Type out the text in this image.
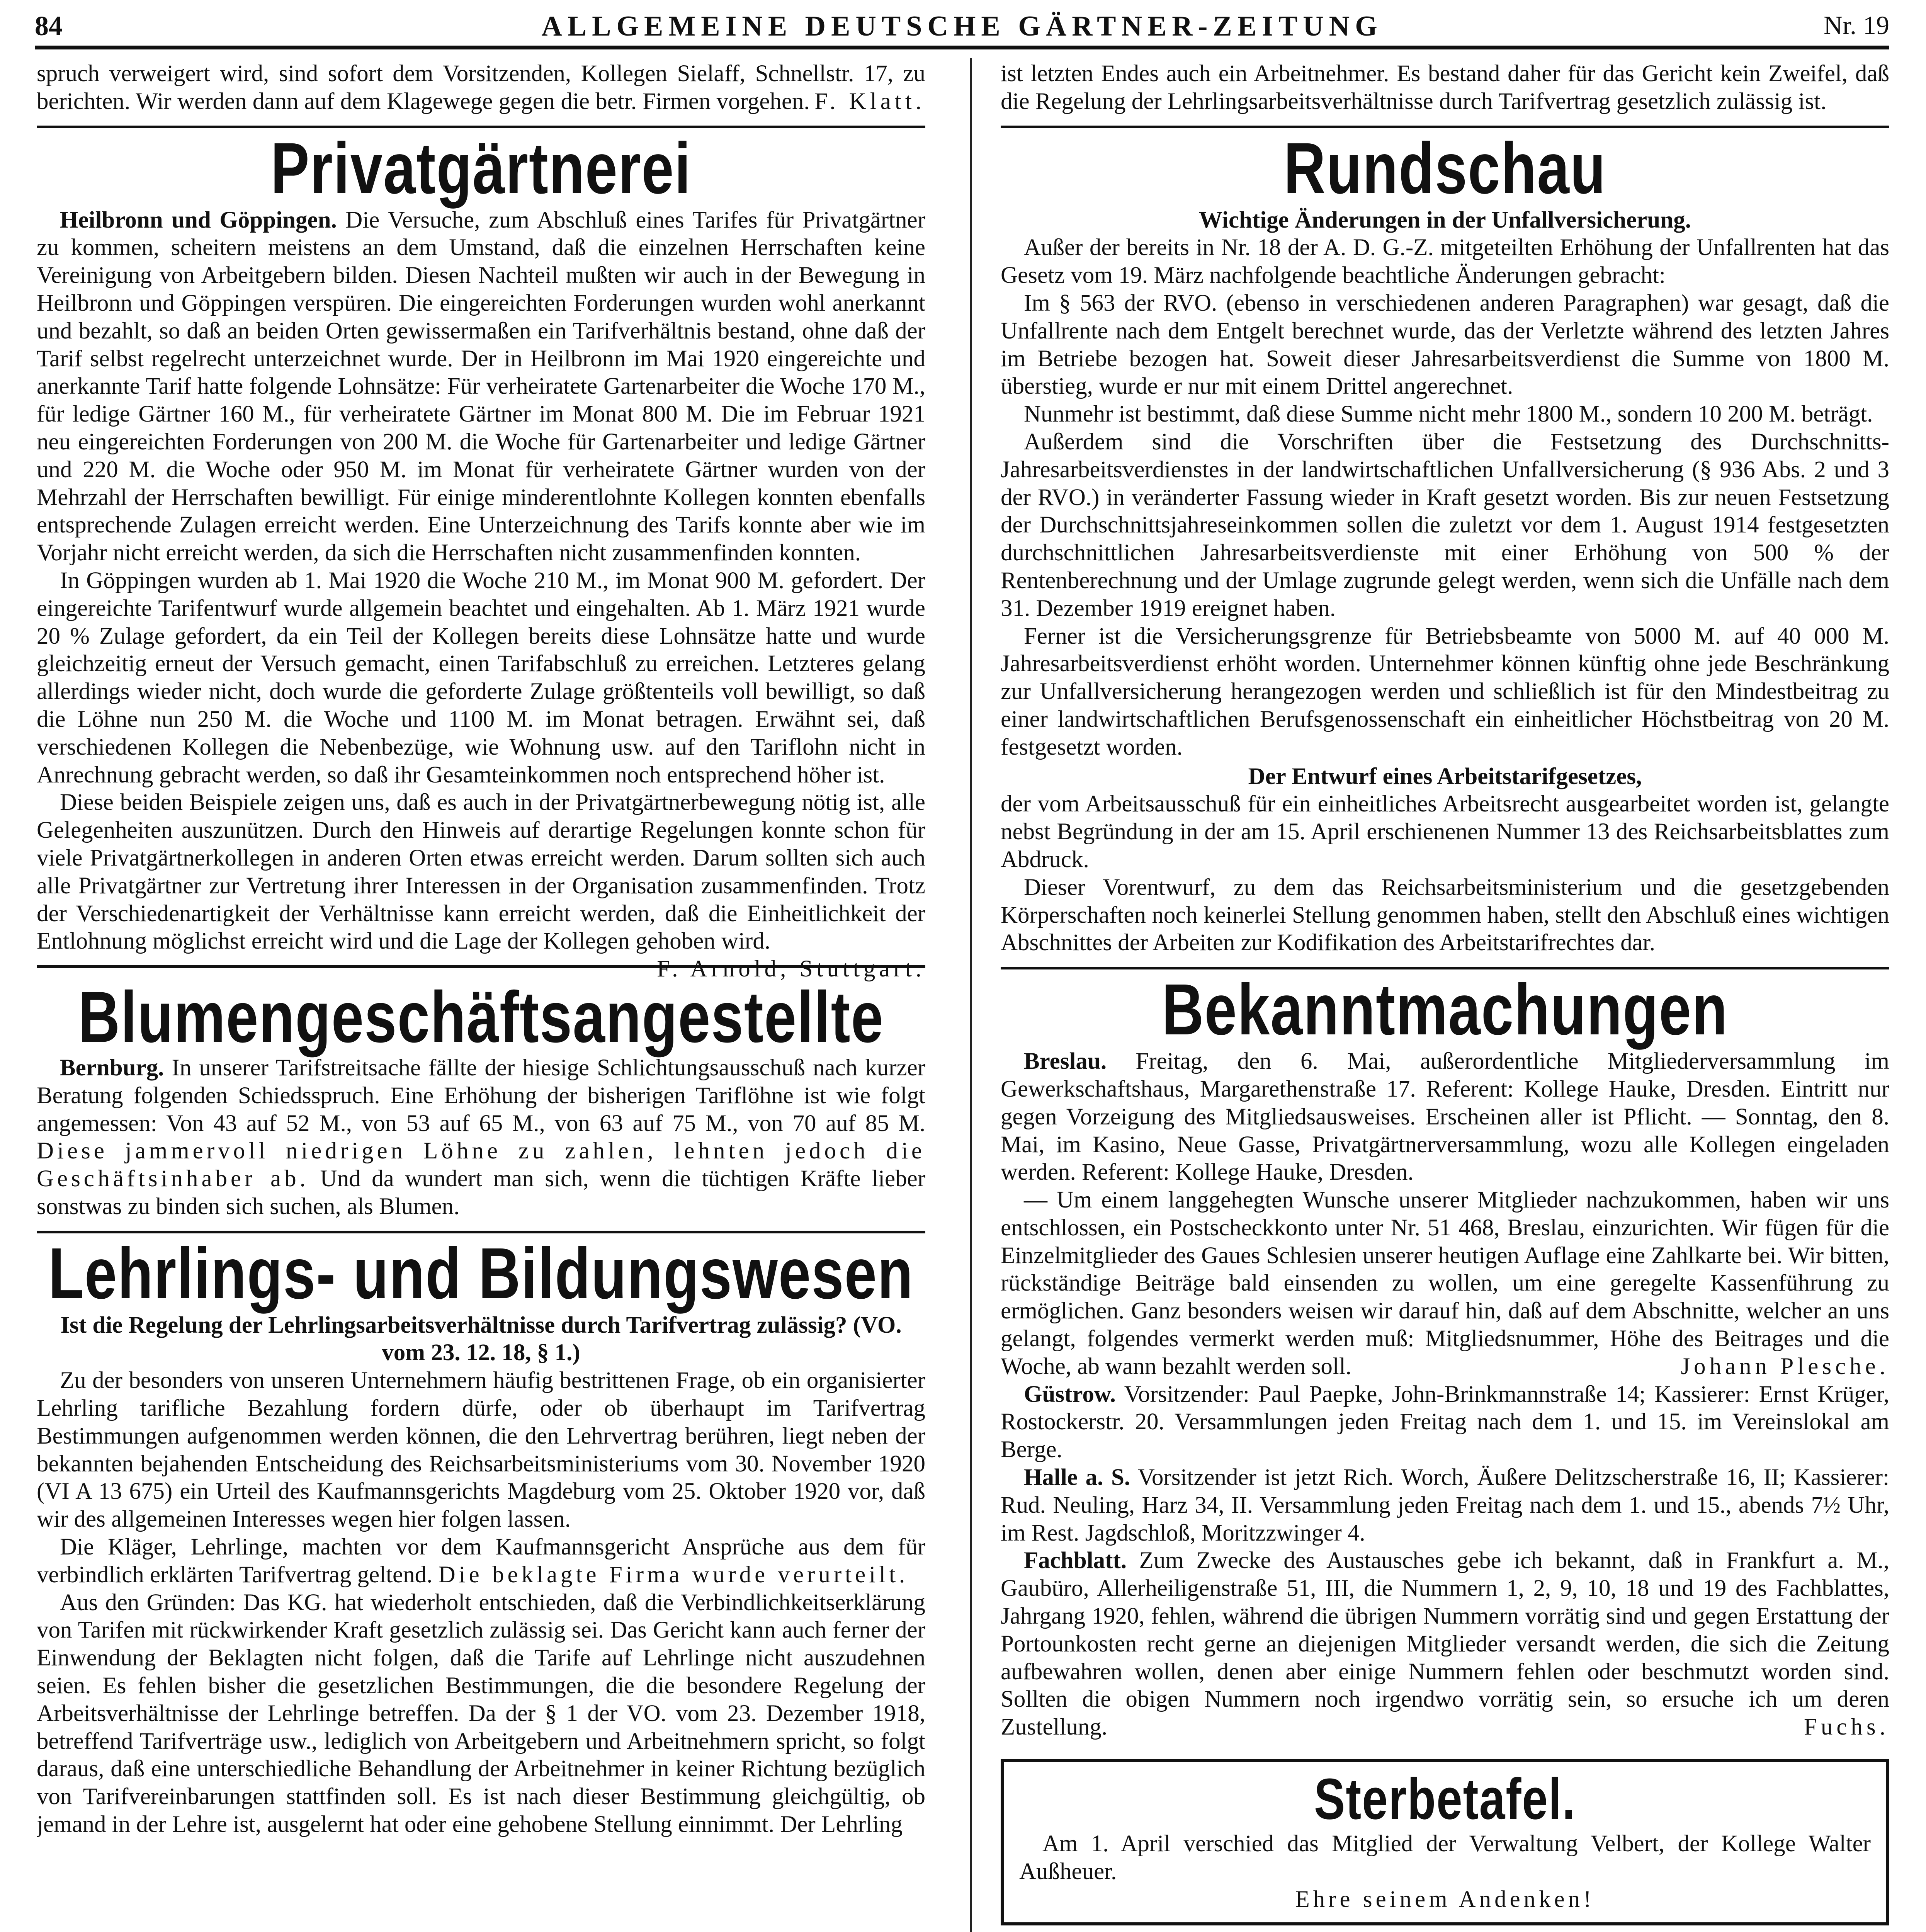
84	ALLGEMEINE DEUTSCHE GÄRTNER-ZEITUNG	Nr. 19

spruch verweigert wird, sind sofort dem Vorsitzenden, Kollegen Sielaff, Schnellstr. 17, zu berichten. Wir werden dann auf dem Klagewege gegen die betr. Firmen vorgehen. F. Klatt.

Privatgärtnerei

Heilbronn und Göppingen. Die Versuche, zum Abschluß eines Tarifes für Privatgärtner zu kommen, scheitern meistens an dem Umstand, daß die einzelnen Herrschaften keine Vereinigung von Arbeitgebern bilden. Diesen Nachteil mußten wir auch in der Bewegung in Heilbronn und Göppingen verspüren. Die eingereichten Forderungen wurden wohl anerkannt und bezahlt, so daß an beiden Orten gewissermaßen ein Tarifverhältnis bestand, ohne daß der Tarif selbst regelrecht unterzeichnet wurde. Der in Heilbronn im Mai 1920 eingereichte und anerkannte Tarif hatte folgende Lohnsätze: Für verheiratete Gartenarbeiter die Woche 170 M., für ledige Gärtner 160 M., für verheiratete Gärtner im Monat 800 M. Die im Februar 1921 neu eingereichten Forderungen von 200 M. die Woche für Gartenarbeiter und ledige Gärtner und 220 M. die Woche oder 950 M. im Monat für verheiratete Gärtner wurden von der Mehrzahl der Herrschaften bewilligt. Für einige minderentlohnte Kollegen konnten ebenfalls entsprechende Zulagen erreicht werden. Eine Unterzeichnung des Tarifs konnte aber wie im Vorjahr nicht erreicht werden, da sich die Herrschaften nicht zusammenfinden konnten.

In Göppingen wurden ab 1. Mai 1920 die Woche 210 M., im Monat 900 M. gefordert. Der eingereichte Tarifentwurf wurde allgemein beachtet und eingehalten. Ab 1. März 1921 wurde 20 % Zulage gefordert, da ein Teil der Kollegen bereits diese Lohnsätze hatte und wurde gleichzeitig erneut der Versuch gemacht, einen Tarifabschluß zu erreichen. Letzteres gelang allerdings wieder nicht, doch wurde die geforderte Zulage größtenteils voll bewilligt, so daß die Löhne nun 250 M. die Woche und 1100 M. im Monat betragen. Erwähnt sei, daß verschiedenen Kollegen die Nebenbezüge, wie Wohnung usw. auf den Tariflohn nicht in Anrechnung gebracht werden, so daß ihr Gesamteinkommen noch entsprechend höher ist.

Diese beiden Beispiele zeigen uns, daß es auch in der Privatgärtnerbewegung nötig ist, alle Gelegenheiten auszunützen. Durch den Hinweis auf derartige Regelungen konnte schon für viele Privatgärtnerkollegen in anderen Orten etwas erreicht werden. Darum sollten sich auch alle Privatgärtner zur Vertretung ihrer Interessen in der Organisation zusammenfinden. Trotz der Verschiedenartigkeit der Verhältnisse kann erreicht werden, daß die Einheitlichkeit der Entlohnung möglichst erreicht wird und die Lage der Kollegen gehoben wird.
F. Arnold, Stuttgart.

Blumengeschäftsangestellte

Bernburg. In unserer Tarifstreitsache fällte der hiesige Schlichtungsausschuß nach kurzer Beratung folgenden Schiedsspruch. Eine Erhöhung der bisherigen Tariflöhne ist wie folgt angemessen: Von 43 auf 52 M., von 53 auf 65 M., von 63 auf 75 M., von 70 auf 85 M. Diese jammervoll niedrigen Löhne zu zahlen, lehnten jedoch die Geschäftsinhaber ab. Und da wundert man sich, wenn die tüchtigen Kräfte lieber sonstwas zu binden sich suchen, als Blumen.

Lehrlings- und Bildungswesen

Ist die Regelung der Lehrlingsarbeitsverhältnisse durch Tarifvertrag zulässig? (VO. vom 23. 12. 18, § 1.)

Zu der besonders von unseren Unternehmern häufig bestrittenen Frage, ob ein organisierter Lehrling tarifliche Bezahlung fordern dürfe, oder ob überhaupt im Tarifvertrag Bestimmungen aufgenommen werden können, die den Lehrvertrag berühren, liegt neben der bekannten bejahenden Entscheidung des Reichsarbeitsministeriums vom 30. November 1920 (VI A 13 675) ein Urteil des Kaufmannsgerichts Magdeburg vom 25. Oktober 1920 vor, daß wir des allgemeinen Interesses wegen hier folgen lassen.

Die Kläger, Lehrlinge, machten vor dem Kaufmannsgericht Ansprüche aus dem für verbindlich erklärten Tarifvertrag geltend. Die beklagte Firma wurde verurteilt.

Aus den Gründen: Das KG. hat wiederholt entschieden, daß die Verbindlichkeitserklärung von Tarifen mit rückwirkender Kraft gesetzlich zulässig sei. Das Gericht kann auch ferner der Einwendung der Beklagten nicht folgen, daß die Tarife auf Lehrlinge nicht auszudehnen seien. Es fehlen bisher die gesetzlichen Bestimmungen, die die besondere Regelung der Arbeitsverhältnisse der Lehrlinge betreffen. Da der § 1 der VO. vom 23. Dezember 1918, betreffend Tarifverträge usw., lediglich von Arbeitgebern und Arbeitnehmern spricht, so folgt daraus, daß eine unterschiedliche Behandlung der Arbeitnehmer in keiner Richtung bezüglich von Tarifvereinbarungen stattfinden soll. Es ist nach dieser Bestimmung gleichgültig, ob jemand in der Lehre ist, ausgelernt hat oder eine gehobene Stellung einnimmt. Der Lehrling

ist letzten Endes auch ein Arbeitnehmer. Es bestand daher für das Gericht kein Zweifel, daß die Regelung der Lehrlingsarbeitsverhältnisse durch Tarifvertrag gesetzlich zulässig ist.

Rundschau

Wichtige Änderungen in der Unfallversicherung.

Außer der bereits in Nr. 18 der A. D. G.-Z. mitgeteilten Erhöhung der Unfallrenten hat das Gesetz vom 19. März nachfolgende beachtliche Änderungen gebracht:

Im § 563 der RVO. (ebenso in verschiedenen anderen Paragraphen) war gesagt, daß die Unfallrente nach dem Entgelt berechnet wurde, das der Verletzte während des letzten Jahres im Betriebe bezogen hat. Soweit dieser Jahresarbeitsverdienst die Summe von 1800 M. überstieg, wurde er nur mit einem Drittel angerechnet.

Nunmehr ist bestimmt, daß diese Summe nicht mehr 1800 M., sondern 10 200 M. beträgt.

Außerdem sind die Vorschriften über die Festsetzung des Durchschnitts-Jahresarbeitsverdienstes in der landwirtschaftlichen Unfallversicherung (§ 936 Abs. 2 und 3 der RVO.) in veränderter Fassung wieder in Kraft gesetzt worden. Bis zur neuen Festsetzung der Durchschnittsjahreseinkommen sollen die zuletzt vor dem 1. August 1914 festgesetzten durchschnittlichen Jahresarbeitsverdienste mit einer Erhöhung von 500 % der Rentenberechnung und der Umlage zugrunde gelegt werden, wenn sich die Unfälle nach dem 31. Dezember 1919 ereignet haben.

Ferner ist die Versicherungsgrenze für Betriebsbeamte von 5000 M. auf 40 000 M. Jahresarbeitsverdienst erhöht worden. Unternehmer können künftig ohne jede Beschränkung zur Unfallversicherung herangezogen werden und schließlich ist für den Mindestbeitrag zu einer landwirtschaftlichen Berufsgenossenschaft ein einheitlicher Höchstbeitrag von 20 M. festgesetzt worden.

Der Entwurf eines Arbeitstarifgesetzes,

der vom Arbeitsausschuß für ein einheitliches Arbeitsrecht ausgearbeitet worden ist, gelangte nebst Begründung in der am 15. April erschienenen Nummer 13 des Reichsarbeitsblattes zum Abdruck.

Dieser Vorentwurf, zu dem das Reichsarbeitsministerium und die gesetzgebenden Körperschaften noch keinerlei Stellung genommen haben, stellt den Abschluß eines wichtigen Abschnittes der Arbeiten zur Kodifikation des Arbeitstarifrechtes dar.

Bekanntmachungen

Breslau. Freitag, den 6. Mai, außerordentliche Mitgliederversammlung im Gewerkschaftshaus, Margarethenstraße 17. Referent: Kollege Hauke, Dresden. Eintritt nur gegen Vorzeigung des Mitgliedsausweises. Erscheinen aller ist Pflicht. — Sonntag, den 8. Mai, im Kasino, Neue Gasse, Privatgärtnerversammlung, wozu alle Kollegen eingeladen werden. Referent: Kollege Hauke, Dresden.

— Um einem langgehegten Wunsche unserer Mitglieder nachzukommen, haben wir uns entschlossen, ein Postscheckkonto unter Nr. 51 468, Breslau, einzurichten. Wir fügen für die Einzelmitglieder des Gaues Schlesien unserer heutigen Auflage eine Zahlkarte bei. Wir bitten, rückständige Beiträge bald einsenden zu wollen, um eine geregelte Kassenführung zu ermöglichen. Ganz besonders weisen wir darauf hin, daß auf dem Abschnitte, welcher an uns gelangt, folgendes vermerkt werden muß: Mitgliedsnummer, Höhe des Beitrages und die Woche, ab wann bezahlt werden soll.	Johann Plesche.

Güstrow. Vorsitzender: Paul Paepke, John-Brinkmannstraße 14; Kassierer: Ernst Krüger, Rostockerstr. 20. Versammlungen jeden Freitag nach dem 1. und 15. im Vereinslokal am Berge.

Halle a. S. Vorsitzender ist jetzt Rich. Worch, Äußere Delitzscherstraße 16, II; Kassierer: Rud. Neuling, Harz 34, II. Versammlung jeden Freitag nach dem 1. und 15., abends 7½ Uhr, im Rest. Jagdschloß, Moritzzwinger 4.

Fachblatt. Zum Zwecke des Austausches gebe ich bekannt, daß in Frankfurt a. M., Gaubüro, Allerheiligenstraße 51, III, die Nummern 1, 2, 9, 10, 18 und 19 des Fachblattes, Jahrgang 1920, fehlen, während die übrigen Nummern vorrätig sind und gegen Erstattung der Portounkosten recht gerne an diejenigen Mitglieder versandt werden, die sich die Zeitung aufbewahren wollen, denen aber einige Nummern fehlen oder beschmutzt worden sind. Sollten die obigen Nummern noch irgendwo vorrätig sein, so ersuche ich um deren Zustellung.	Fuchs.

Sterbetafel.

Am 1. April verschied das Mitglied der Verwaltung Velbert, der Kollege Walter Außheuer.

Ehre seinem Andenken!
